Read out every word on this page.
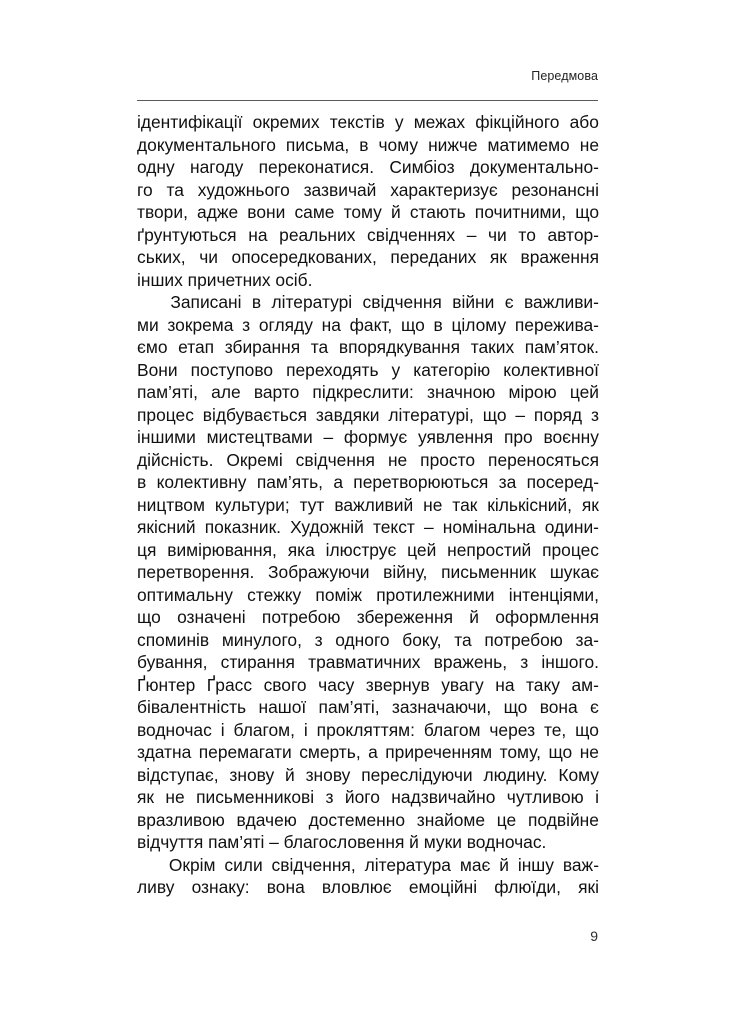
Передмова
ідентифікації окремих текстів у межах фікційного або
документального письма, в чому нижче матимемо не
одну нагоду переконатися. Симбіоз документально-
го та художнього зазвичай характеризує резонансні
твори, адже вони саме тому й стають почитними, що
ґрунтуються на реальних свідченнях – чи то автор-
ських, чи опосередкованих, переданих як враження
інших причетних осіб.
Записані в літературі свідчення війни є важливи-
ми зокрема з огляду на факт, що в цілому пережива-
ємо етап збирання та впорядкування таких пам’яток.
Вони поступово переходять у категорію колективної
пам’яті, але варто підкреслити: значною мірою цей
процес відбувається завдяки літературі, що – поряд з
іншими мистецтвами – формує уявлення про воєнну
дійсність. Окремі свідчення не просто переносяться
в колективну пам’ять, а перетворюються за посеред-
ництвом культури; тут важливий не так кількісний, як
якісний показник. Художній текст – номінальна одини-
ця вимірювання, яка ілюструє цей непростий процес
перетворення. Зображуючи війну, письменник шукає
оптимальну стежку поміж протилежними інтенціями,
що означені потребою збереження й оформлення
споминів минулого, з одного боку, та потребою за-
бування, стирання травматичних вражень, з іншого.
Ґюнтер Ґрасс свого часу звернув увагу на таку ам-
бівалентність нашої пам’яті, зазначаючи, що вона є
водночас і благом, і прокляттям: благом через те, що
здатна перемагати смерть, а приреченням тому, що не
відступає, знову й знову переслідуючи людину. Кому
як не письменникові з його надзвичайно чутливою і
вразливою вдачею достеменно знайоме це подвійне
відчуття пам’яті – благословення й муки водночас.
Окрім сили свідчення, література має й іншу важ-
ливу ознаку: вона вловлює емоційні флюїди, які
9
